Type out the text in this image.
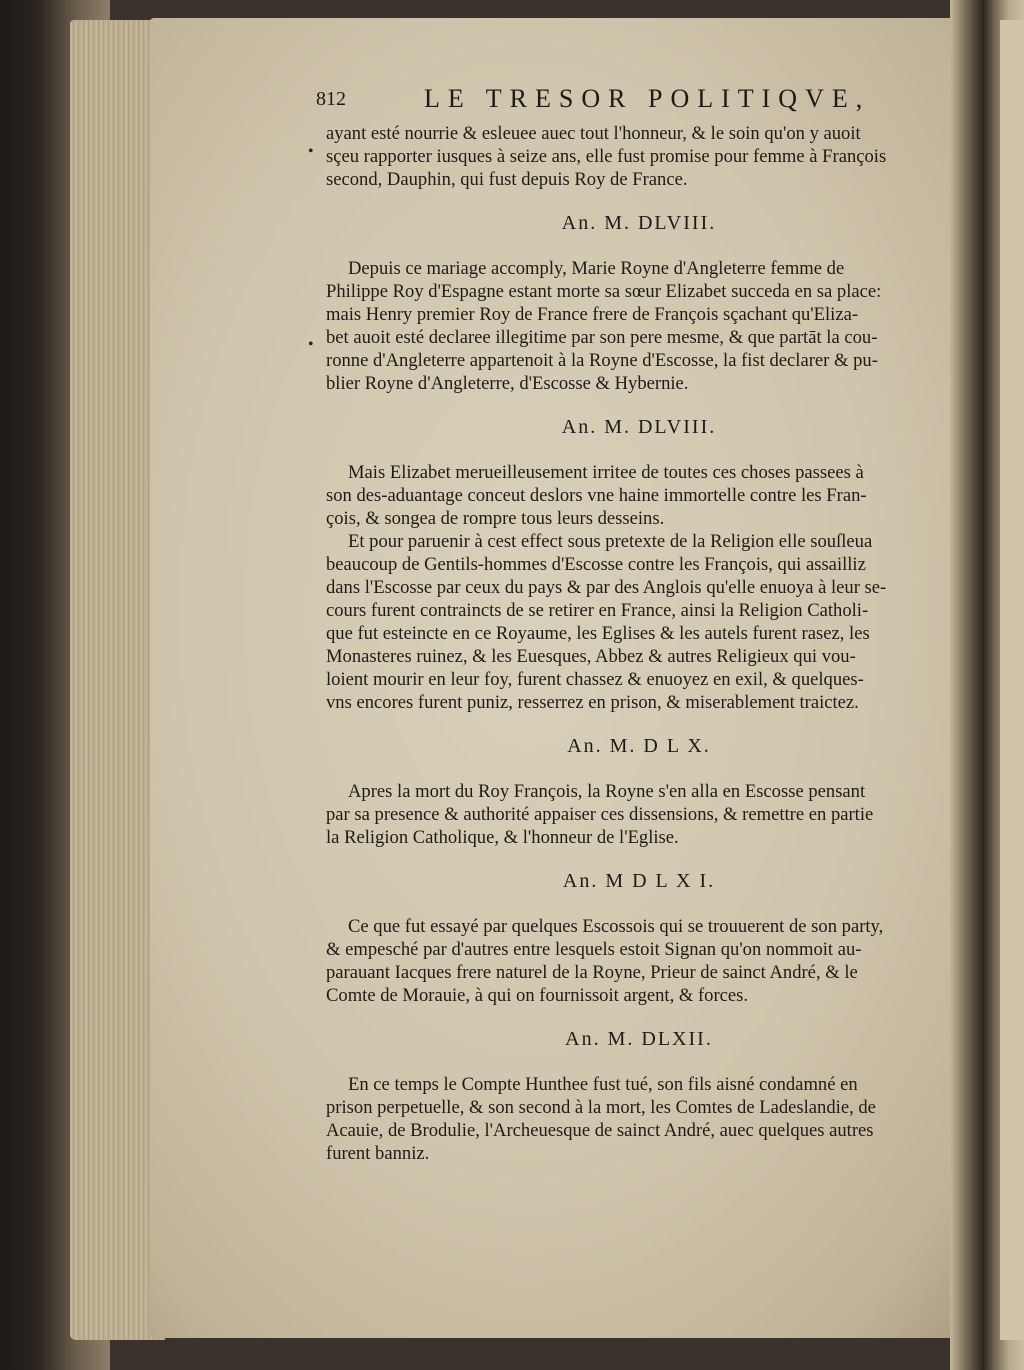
812	LE TRESOR POLITIQVE,
•
•
ayant esté nourrie & esleuee auec tout l'honneur, & le soin qu'on y auoit
sçeu rapporter iusques à seize ans, elle fust promise pour femme à François
second, Dauphin, qui fust depuis Roy de France.
An. M. DLVIII.
Depuis ce mariage accomply, Marie Royne d'Angleterre femme de
Philippe Roy d'Espagne estant morte sa sœur Elizabet succeda en sa place:
mais Henry premier Roy de France frere de François sçachant qu'Eliza-
bet auoit esté declaree illegitime par son pere mesme, & que partāt la cou-
ronne d'Angleterre appartenoit à la Royne d'Escosse, la fist declarer & pu-
blier Royne d'Angleterre, d'Escosse & Hybernie.
An. M. DLVIII.
Mais Elizabet merueilleusement irritee de toutes ces choses passees à
son des-aduantage conceut deslors vne haine immortelle contre les Fran-
çois, & songea de rompre tous leurs desseins.
Et pour paruenir à cest effect sous pretexte de la Religion elle souſleua
beaucoup de Gentils-hommes d'Escosse contre les François, qui assailliz
dans l'Escosse par ceux du pays & par des Anglois qu'elle enuoya à leur se-
cours furent contraincts de se retirer en France, ainsi la Religion Catholi-
que fut esteincte en ce Royaume, les Eglises & les autels furent rasez, les
Monasteres ruinez, & les Euesques, Abbez & autres Religieux qui vou-
loient mourir en leur foy, furent chassez & enuoyez en exil, & quelques-
vns encores furent puniz, resserrez en prison, & miserablement traictez.
An. M. D L X.
Apres la mort du Roy François, la Royne s'en alla en Escosse pensant
par sa presence & authorité appaiser ces dissensions, & remettre en partie
la Religion Catholique, & l'honneur de l'Eglise.
An. M D L X I.
Ce que fut essayé par quelques Escossois qui se trouuerent de son party,
& empesché par d'autres entre lesquels estoit Signan qu'on nommoit au-
parauant Iacques frere naturel de la Royne, Prieur de sainct André, & le
Comte de Morauie, à qui on fournissoit argent, & forces.
An. M. DLXII.
En ce temps le Compte Hunthee fust tué, son fils aisné condamné en
prison perpetuelle, & son second à la mort, les Comtes de Ladeslandie, de
Acauie, de Brodulie, l'Archeuesque de sainct André, auec quelques autres
furent banniz.
